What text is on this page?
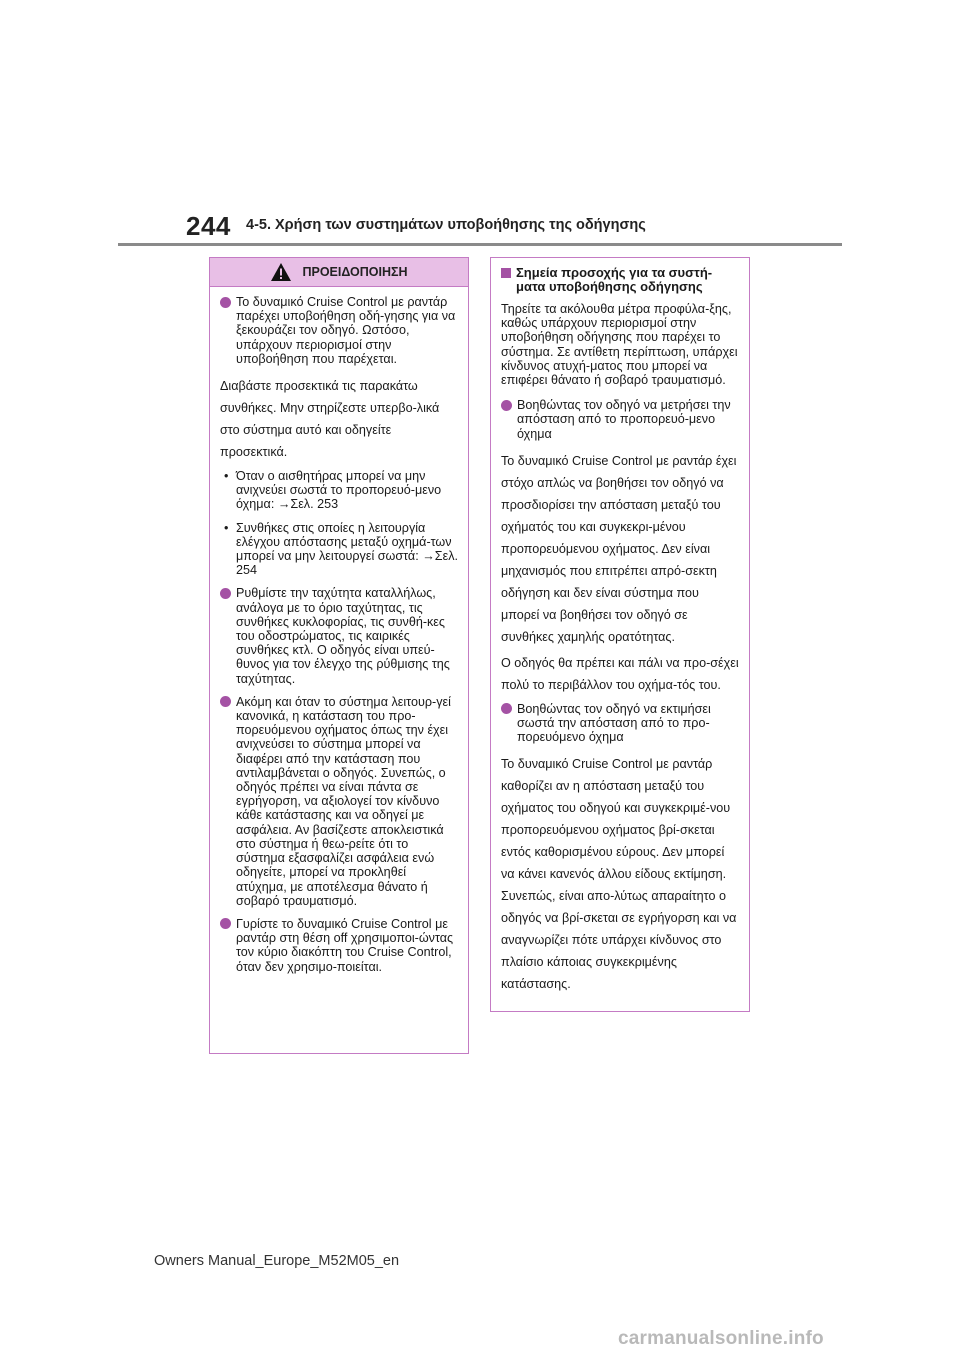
244 4-5. Χρήση των συστημάτων υποβοήθησης της οδήγησης
ΠΡΟΕΙΔΟΠΟΙΗΣΗ
Το δυναμικό Cruise Control με ραντάρ παρέχει υποβοήθηση οδή-γησης για να ξεκουράζει τον οδηγό. Ωστόσο, υπάρχουν περιορισμοί στην υποβοήθηση που παρέχεται.
Διαβάστε προσεκτικά τις παρακάτω συνθήκες. Μην στηρίζεστε υπερβο-λικά στο σύστημα αυτό και οδηγείτε προσεκτικά.
• Όταν ο αισθητήρας μπορεί να μην ανιχνεύει σωστά το προπορευό-μενο όχημα: →Σελ. 253
• Συνθήκες στις οποίες η λειτουργία ελέγχου απόστασης μεταξύ οχημά-των μπορεί να μην λειτουργεί σωστά: →Σελ. 254
Ρυθμίστε την ταχύτητα καταλλήλως, ανάλογα με το όριο ταχύτητας, τις συνθήκες κυκλοφορίας, τις συνθή-κες του οδοστρώματος, τις καιρικές συνθήκες κτλ. Ο οδηγός είναι υπεύ-θυνος για τον έλεγχο της ρύθμισης της ταχύτητας.
Ακόμη και όταν το σύστημα λειτουρ-γεί κανονικά, η κατάσταση του προ-πορευόμενου οχήματος όπως την έχει ανιχνεύσει το σύστημα μπορεί να διαφέρει από την κατάσταση που αντιλαμβάνεται ο οδηγός. Συνεπώς, ο οδηγός πρέπει να είναι πάντα σε εγρήγορση, να αξιολογεί τον κίνδυνο κάθε κατάστασης και να οδηγεί με ασφάλεια. Αν βασίζεστε αποκλειστικά στο σύστημα ή θεω-ρείτε ότι το σύστημα εξασφαλίζει ασφάλεια ενώ οδηγείτε, μπορεί να προκληθεί ατύχημα, με αποτέλεσμα θάνατο ή σοβαρό τραυματισμό.
Γυρίστε το δυναμικό Cruise Control με ραντάρ στη θέση off χρησιμοποι-ώντας τον κύριο διακόπτη του Cruise Control, όταν δεν χρησιμο-ποιείται.
Σημεία προσοχής για τα συστή-ματα υποβοήθησης οδήγησης
Τηρείτε τα ακόλουθα μέτρα προφύλα-ξης, καθώς υπάρχουν περιορισμοί στην υποβοήθηση οδήγησης που παρέχει το σύστημα. Σε αντίθετη περίπτωση, υπάρχει κίνδυνος ατυχή-ματος που μπορεί να επιφέρει θάνατο ή σοβαρό τραυματισμό.
Βοηθώντας τον οδηγό να μετρήσει την απόσταση από το προπορευό-μενο όχημα
Το δυναμικό Cruise Control με ραντάρ έχει στόχο απλώς να βοηθήσει τον οδηγό να προσδιορίσει την απόσταση μεταξύ του οχήματός του και συγκεκρι-μένου προπορευόμενου οχήματος. Δεν είναι μηχανισμός που επιτρέπει απρό-σεκτη οδήγηση και δεν είναι σύστημα που μπορεί να βοηθήσει τον οδηγό σε συνθήκες χαμηλής ορατότητας.
Ο οδηγός θα πρέπει και πάλι να προ-σέχει πολύ το περιβάλλον του οχήμα-τός του.
Βοηθώντας τον οδηγό να εκτιμήσει σωστά την απόσταση από το προ-πορευόμενο όχημα
Το δυναμικό Cruise Control με ραντάρ καθορίζει αν η απόσταση μεταξύ του οχήματος του οδηγού και συγκεκριμέ-νου προπορευόμενου οχήματος βρί-σκεται εντός καθορισμένου εύρους. Δεν μπορεί να κάνει κανενός άλλου είδους εκτίμηση. Συνεπώς, είναι απο-λύτως απαραίτητο ο οδηγός να βρί-σκεται σε εγρήγορση και να αναγνωρίζει πότε υπάρχει κίνδυνος στο πλαίσιο κάποιας συγκεκριμένης κατάστασης.
Owners Manual_Europe_M52M05_en
carmanualsonline.info
